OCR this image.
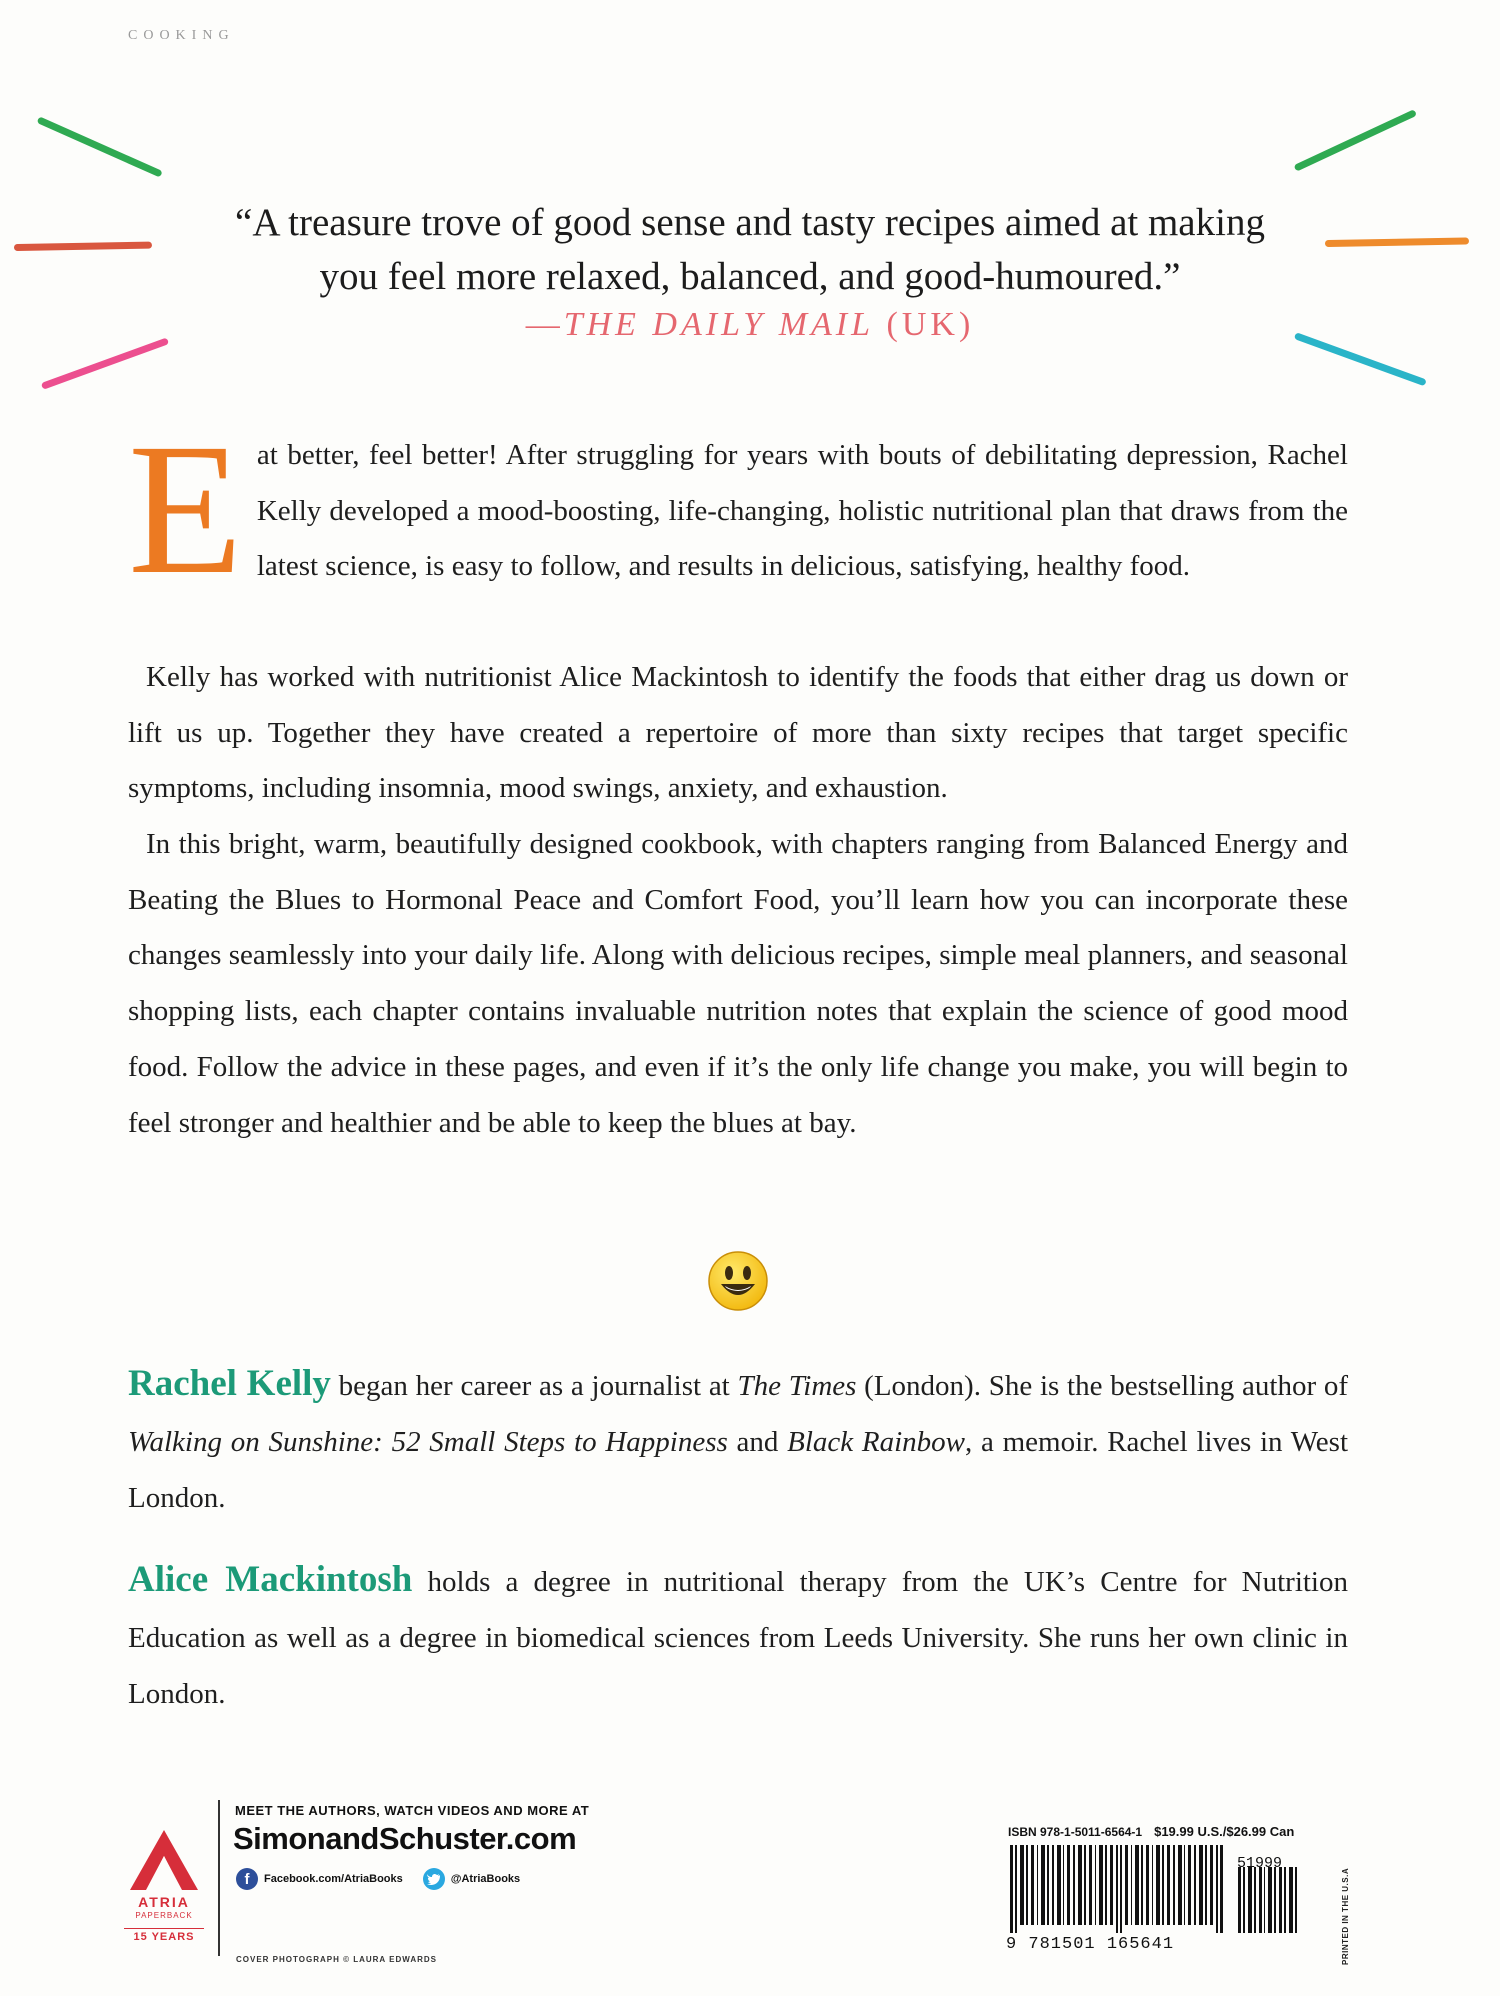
COOKING
“A treasure trove of good sense and tasty recipes aimed at making
you feel more relaxed, balanced, and good-humoured.”
—THE DAILY MAIL (UK)

Eat better, feel better! After struggling for years with bouts of debilitating depression, Rachel Kelly developed a mood-boosting, life-changing, holistic nutritional plan that draws from the latest science, is easy to follow, and results in delicious, satisfying, healthy food.

Kelly has worked with nutritionist Alice Mackintosh to identify the foods that either drag us down or lift us up. Together they have created a repertoire of more than sixty recipes that target specific symptoms, including insomnia, mood swings, anxiety, and exhaustion.

In this bright, warm, beautifully designed cookbook, with chapters ranging from Balanced Energy and Beating the Blues to Hormonal Peace and Comfort Food, you’ll learn how you can incorporate these changes seamlessly into your daily life. Along with delicious recipes, simple meal planners, and seasonal shopping lists, each chapter contains invaluable nutrition notes that explain the science of good mood food. Follow the advice in these pages, and even if it’s the only life change you make, you will begin to feel stronger and healthier and be able to keep the blues at bay.

Rachel Kelly began her career as a journalist at The Times (London). She is the bestselling author of Walking on Sunshine: 52 Small Steps to Happiness and Black Rainbow, a memoir. Rachel lives in West London.

Alice Mackintosh holds a degree in nutritional therapy from the UK’s Centre for Nutrition Education as well as a degree in biomedical sciences from Leeds University. She runs her own clinic in London.

ATRIA
PAPERBACK
15 YEARS
MEET THE AUTHORS, WATCH VIDEOS AND MORE AT
SimonandSchuster.com
f	Facebook.com/AtriaBooks	@AtriaBooks
COVER PHOTOGRAPH © LAURA EDWARDS
ISBN 978-1-5011-6564-1 $19.99 U.S./$26.99 Can
9 781501 165641
51999
PRINTED IN THE U.S.A
